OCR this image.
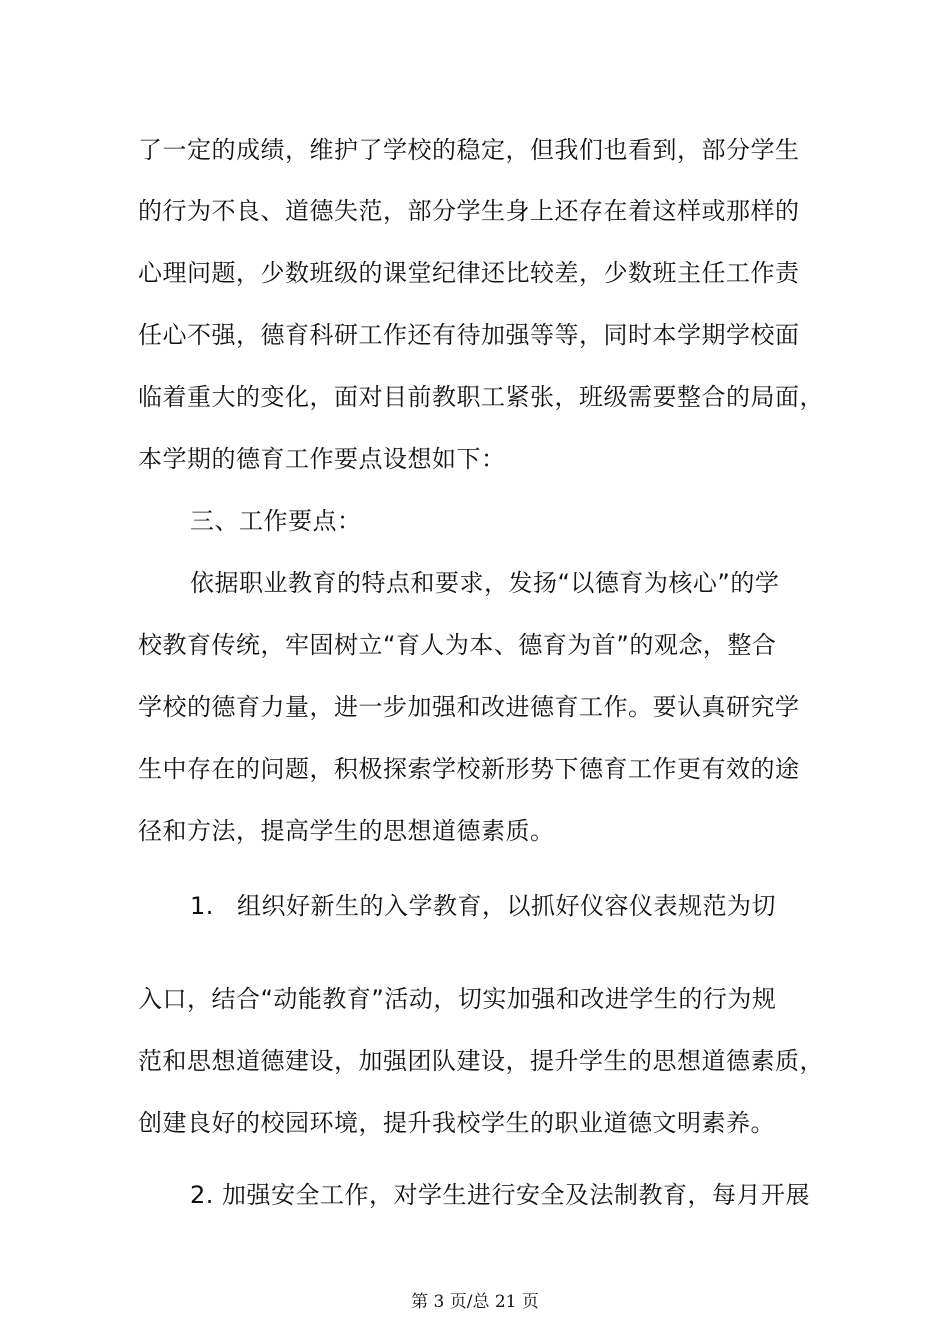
了一定的成绩，维护了学校的稳定，但我们也看到，部分学生
的行为不良、道德失范，部分学生身上还存在着这样或那样的
心理问题，少数班级的课堂纪律还比较差，少数班主任工作责
任心不强，德育科研工作还有待加强等等，同时本学期学校面
临着重大的变化，面对目前教职工紧张，班级需要整合的局面，
本学期的德育工作要点设想如下：
三、工作要点：
依据职业教育的特点和要求，发扬“以德育为核心”的学
校教育传统，牢固树立“育人为本、德育为首”的观念，整合
学校的德育力量，进一步加强和改进德育工作。要认真研究学
生中存在的问题，积极探索学校新形势下德育工作更有效的途
径和方法，提高学生的思想道德素质。
1. 组织好新生的入学教育，以抓好仪容仪表规范为切
入口，结合“动能教育”活动，切实加强和改进学生的行为规
范和思想道德建设，加强团队建设，提升学生的思想道德素质，
创建良好的校园环境，提升我校学生的职业道德文明素养。
2. 加强安全工作，对学生进行安全及法制教育，每月开展
第 3 页/总 21 页
